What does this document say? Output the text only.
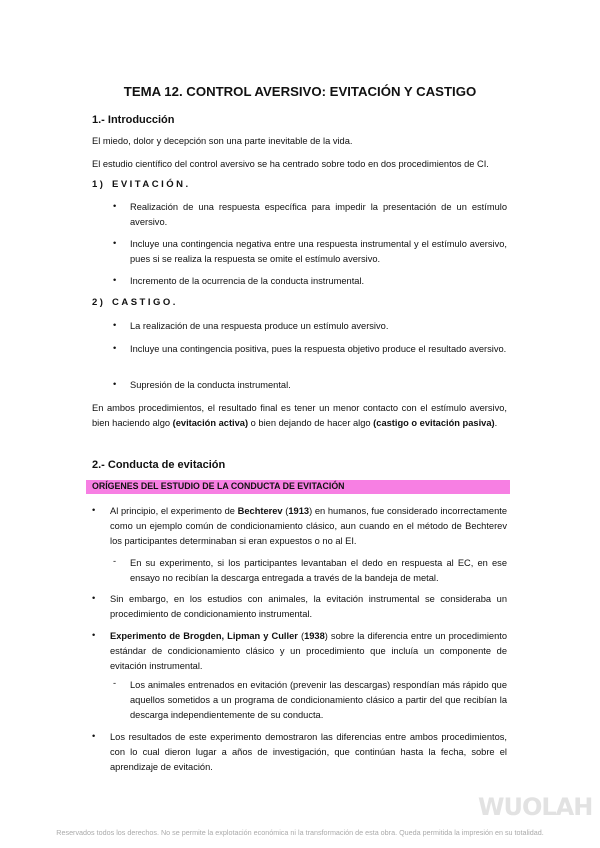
TEMA 12. CONTROL AVERSIVO: EVITACIÓN Y CASTIGO
1.- Introducción
El miedo, dolor y decepción son una parte inevitable de la vida.
El estudio científico del control aversivo se ha centrado sobre todo en dos procedimientos de CI.
1) EVITACIÓN.
• Realización de una respuesta específica para impedir la presentación de un estímulo aversivo.
• Incluye una contingencia negativa entre una respuesta instrumental y el estímulo aversivo, pues si se realiza la respuesta se omite el estímulo aversivo.
• Incremento de la ocurrencia de la conducta instrumental.
2) CASTIGO.
• La realización de una respuesta produce un estímulo aversivo.
• Incluye una contingencia positiva, pues la respuesta objetivo produce el resultado aversivo.
• Supresión de la conducta instrumental.
En ambos procedimientos, el resultado final es tener un menor contacto con el estímulo aversivo, bien haciendo algo (evitación activa) o bien dejando de hacer algo (castigo o evitación pasiva).
2.- Conducta de evitación
ORÍGENES DEL ESTUDIO DE LA CONDUCTA DE EVITACIÓN
• Al principio, el experimento de Bechterev (1913) en humanos, fue considerado incorrectamente como un ejemplo común de condicionamiento clásico, aun cuando en el método de Bechterev los participantes determinaban si eran expuestos o no al EI.
- En su experimento, si los participantes levantaban el dedo en respuesta al EC, en ese ensayo no recibían la descarga entregada a través de la bandeja de metal.
• Sin embargo, en los estudios con animales, la evitación instrumental se consideraba un procedimiento de condicionamiento instrumental.
• Experimento de Brogden, Lipman y Culler (1938) sobre la diferencia entre un procedimiento estándar de condicionamiento clásico y un procedimiento que incluía un componente de evitación instrumental.
- Los animales entrenados en evitación (prevenir las descargas) respondían más rápido que aquellos sometidos a un programa de condicionamiento clásico a partir del que recibían la descarga independientemente de su conducta.
• Los resultados de este experimento demostraron las diferencias entre ambos procedimientos, con lo cual dieron lugar a años de investigación, que continúan hasta la fecha, sobre el aprendizaje de evitación.
WUOLAH
Reservados todos los derechos. No se permite la explotación económica ni la transformación de esta obra. Queda permitida la impresión en su totalidad.
